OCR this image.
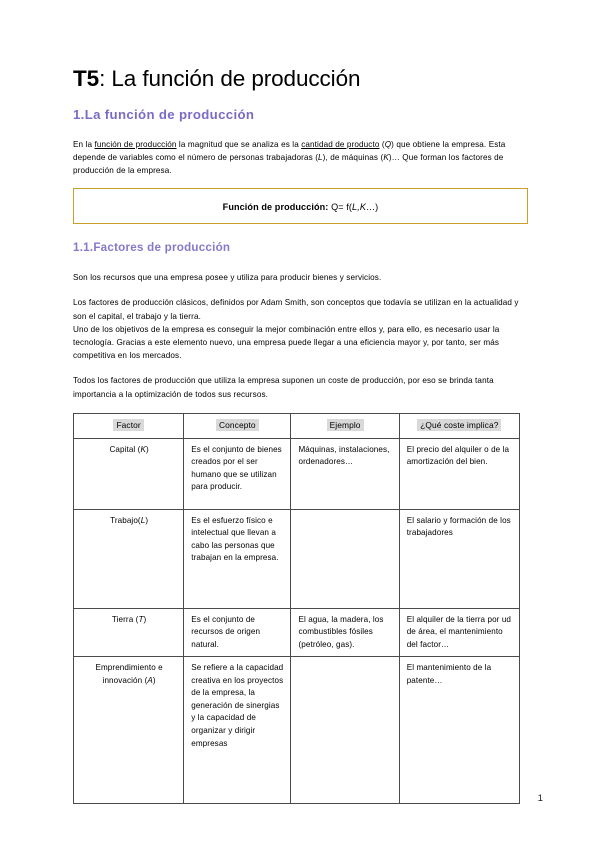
T5: La función de producción
1.La función de producción

En la función de producción la magnitud que se analiza es la cantidad de producto (Q) que obtiene la empresa. Esta depende de variables como el número de personas trabajadoras (L), de máquinas (K)… Que forman los factores de producción de la empresa.

Función de producción: Q= f(L,K…)
1.1.Factores de producción

Son los recursos que una empresa posee y utiliza para producir bienes y servicios.

Los factores de producción clásicos, definidos por Adam Smith, son conceptos que todavía se utilizan en la actualidad y son el capital, el trabajo y la tierra.

Uno de los objetivos de la empresa es conseguir la mejor combinación entre ellos y, para ello, es necesario usar la tecnología. Gracias a este elemento nuevo, una empresa puede llegar a una eficiencia mayor y, por tanto, ser más competitiva en los mercados.

Todos los factores de producción que utiliza la empresa suponen un coste de producción, por eso se brinda tanta importancia a la optimización de todos sus recursos.

Factor	Concepto	Ejemplo	¿Qué coste implica?
Capital (K)	Es el conjunto de bienes creados por el ser humano que se utilizan para producir.	Máquinas, instalaciones, ordenadores…	El precio del alquiler o de la amortización del bien.
Trabajo(L)	Es el esfuerzo físico e intelectual que llevan a cabo las personas que trabajan en la empresa.		El salario y formación de los trabajadores
Tierra (T)	Es el conjunto de recursos de origen natural.	El agua, la madera, los combustibles fósiles (petróleo, gas).	El alquiler de la tierra por ud de área, el mantenimiento del factor…
Emprendimiento e innovación (A)	Se refiere a la capacidad creativa en los proyectos de la empresa, la generación de sinergias y la capacidad de organizar y dirigir empresas		El mantenimiento de la patente…
1
